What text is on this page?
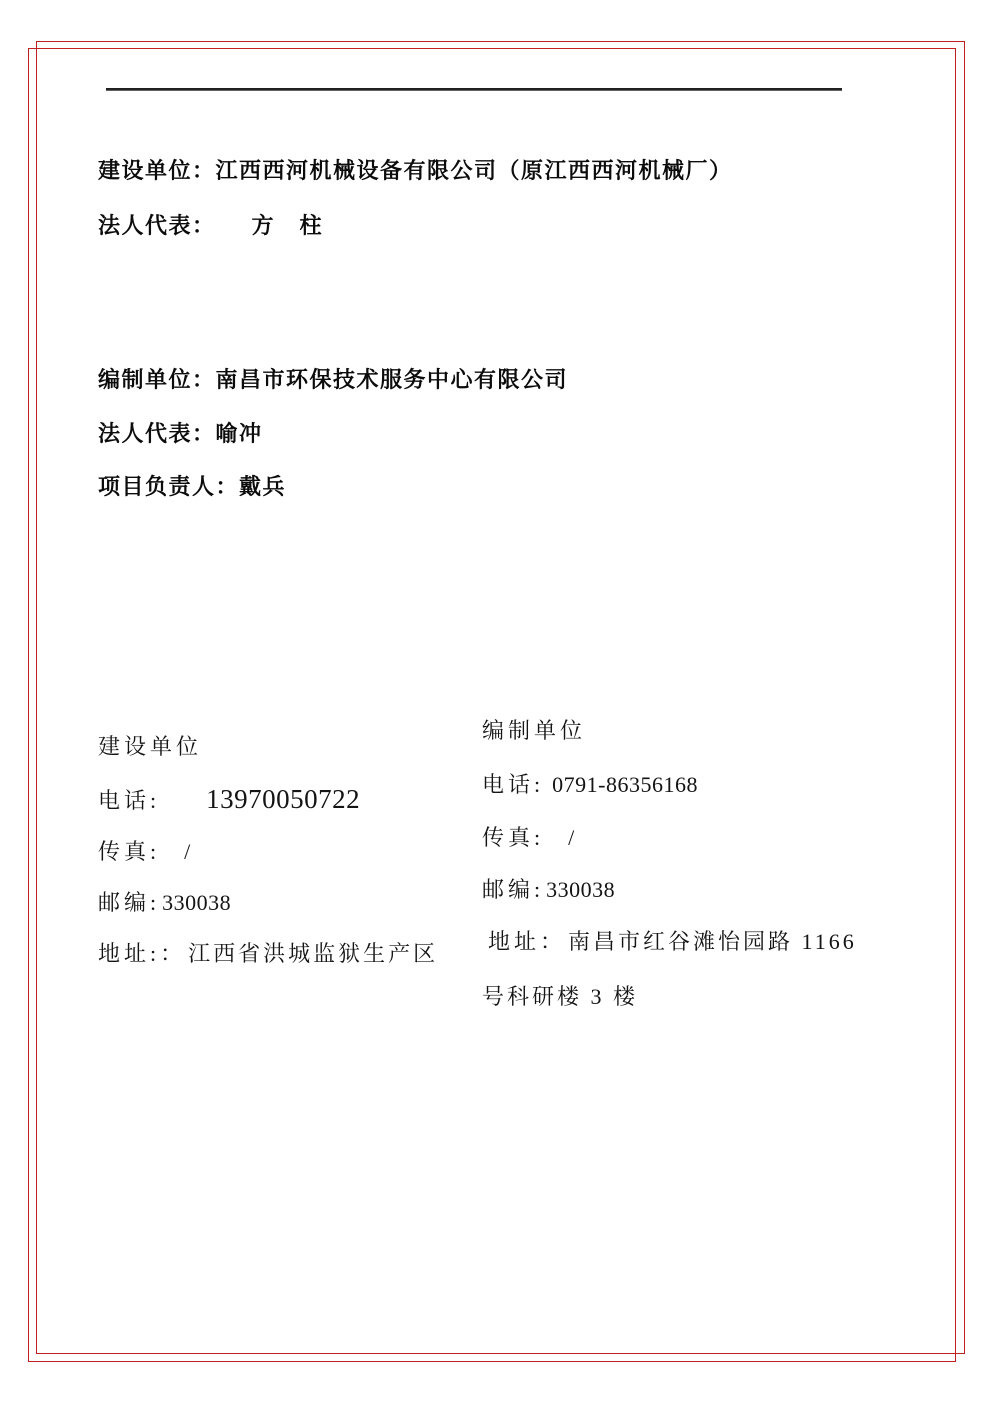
建设单位：江西西河机械设备有限公司（原江西西河机械厂）
法人代表： 方　柱
编制单位：南昌市环保技术服务中心有限公司
法人代表：喻冲
项目负责人：戴兵
建设单位
电话: 13970050722
传真: /
邮编:330038
地址:：江西省洪城监狱生产区
编制单位
电话: 0791-86356168
传真: /
邮编:330038
地址：南昌市红谷滩怡园路 1166
号科研楼 3 楼
